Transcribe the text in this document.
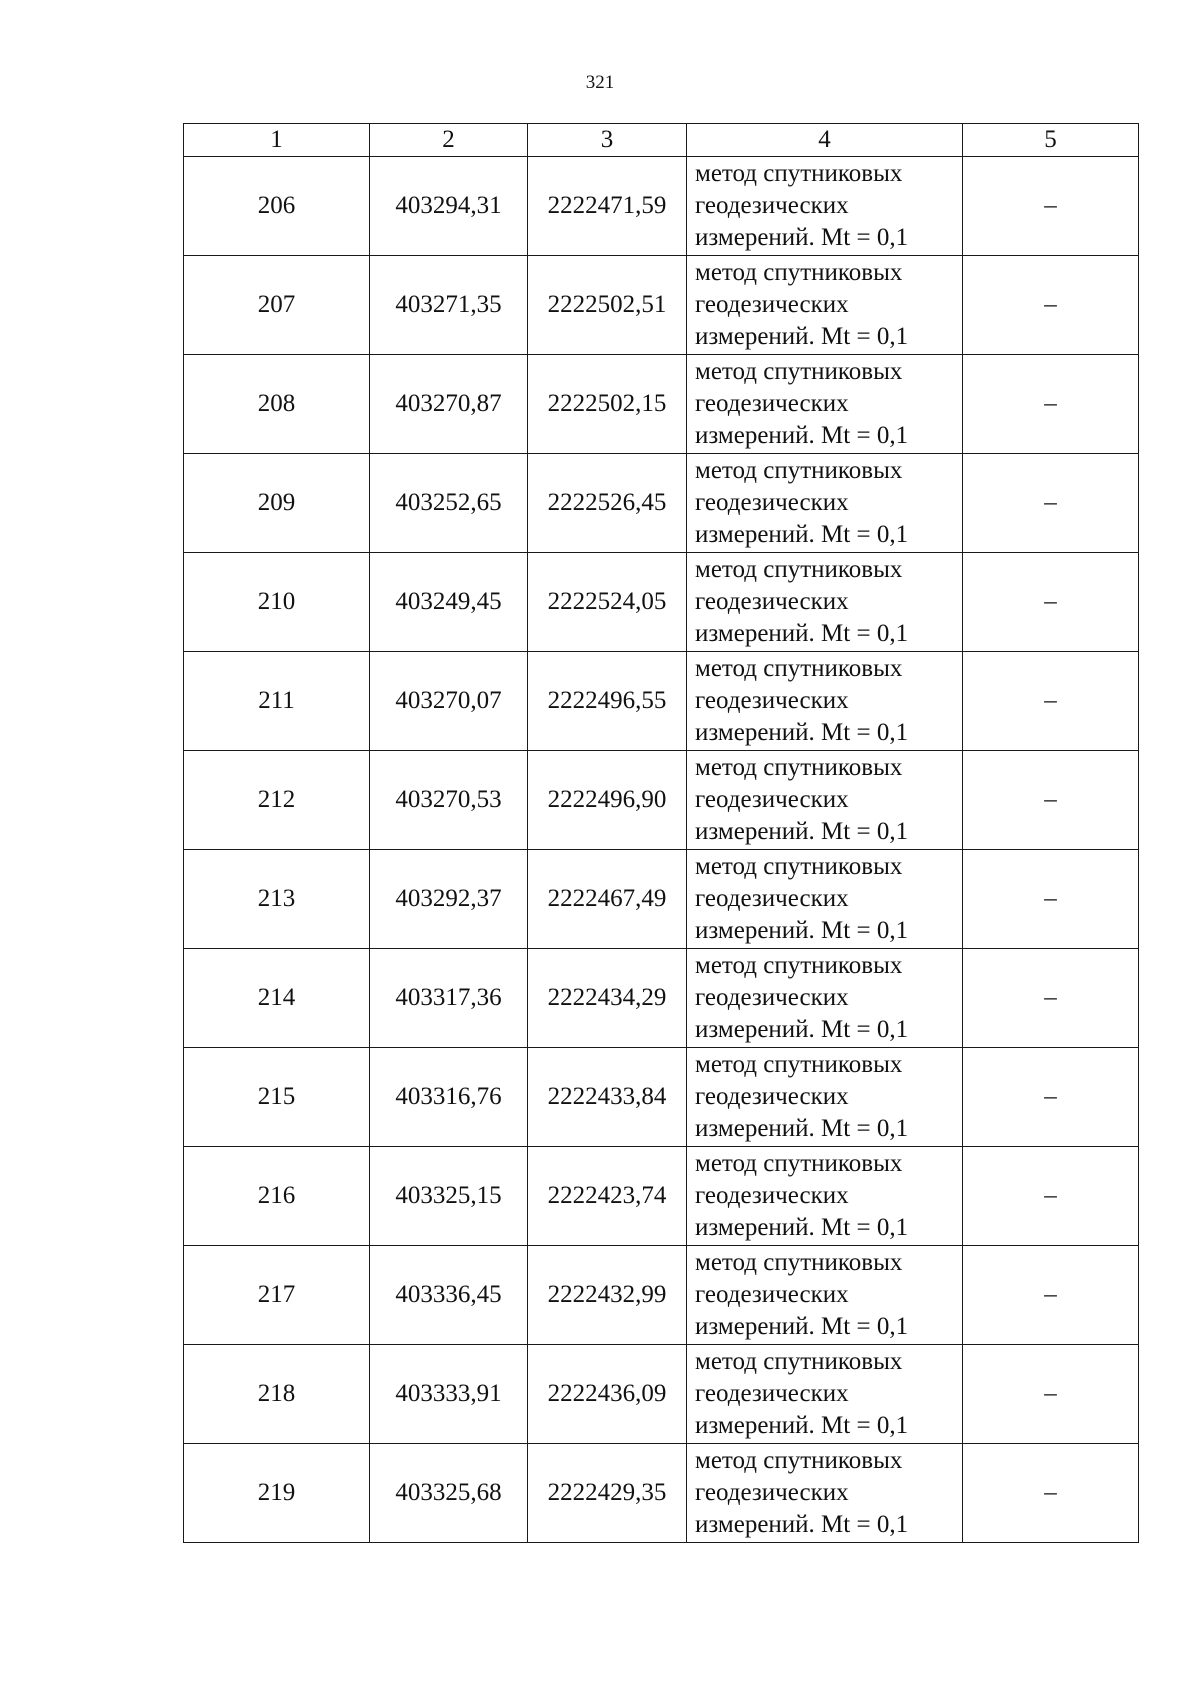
321
1	2	3	4	5
206	403294,31	2222471,59	метод спутниковых
геодезических
измерений. Mt = 0,1	–
207	403271,35	2222502,51	метод спутниковых
геодезических
измерений. Mt = 0,1	–
208	403270,87	2222502,15	метод спутниковых
геодезических
измерений. Mt = 0,1	–
209	403252,65	2222526,45	метод спутниковых
геодезических
измерений. Mt = 0,1	–
210	403249,45	2222524,05	метод спутниковых
геодезических
измерений. Mt = 0,1	–
211	403270,07	2222496,55	метод спутниковых
геодезических
измерений. Mt = 0,1	–
212	403270,53	2222496,90	метод спутниковых
геодезических
измерений. Mt = 0,1	–
213	403292,37	2222467,49	метод спутниковых
геодезических
измерений. Mt = 0,1	–
214	403317,36	2222434,29	метод спутниковых
геодезических
измерений. Mt = 0,1	–
215	403316,76	2222433,84	метод спутниковых
геодезических
измерений. Mt = 0,1	–
216	403325,15	2222423,74	метод спутниковых
геодезических
измерений. Mt = 0,1	–
217	403336,45	2222432,99	метод спутниковых
геодезических
измерений. Mt = 0,1	–
218	403333,91	2222436,09	метод спутниковых
геодезических
измерений. Mt = 0,1	–
219	403325,68	2222429,35	метод спутниковых
геодезических
измерений. Mt = 0,1	–
